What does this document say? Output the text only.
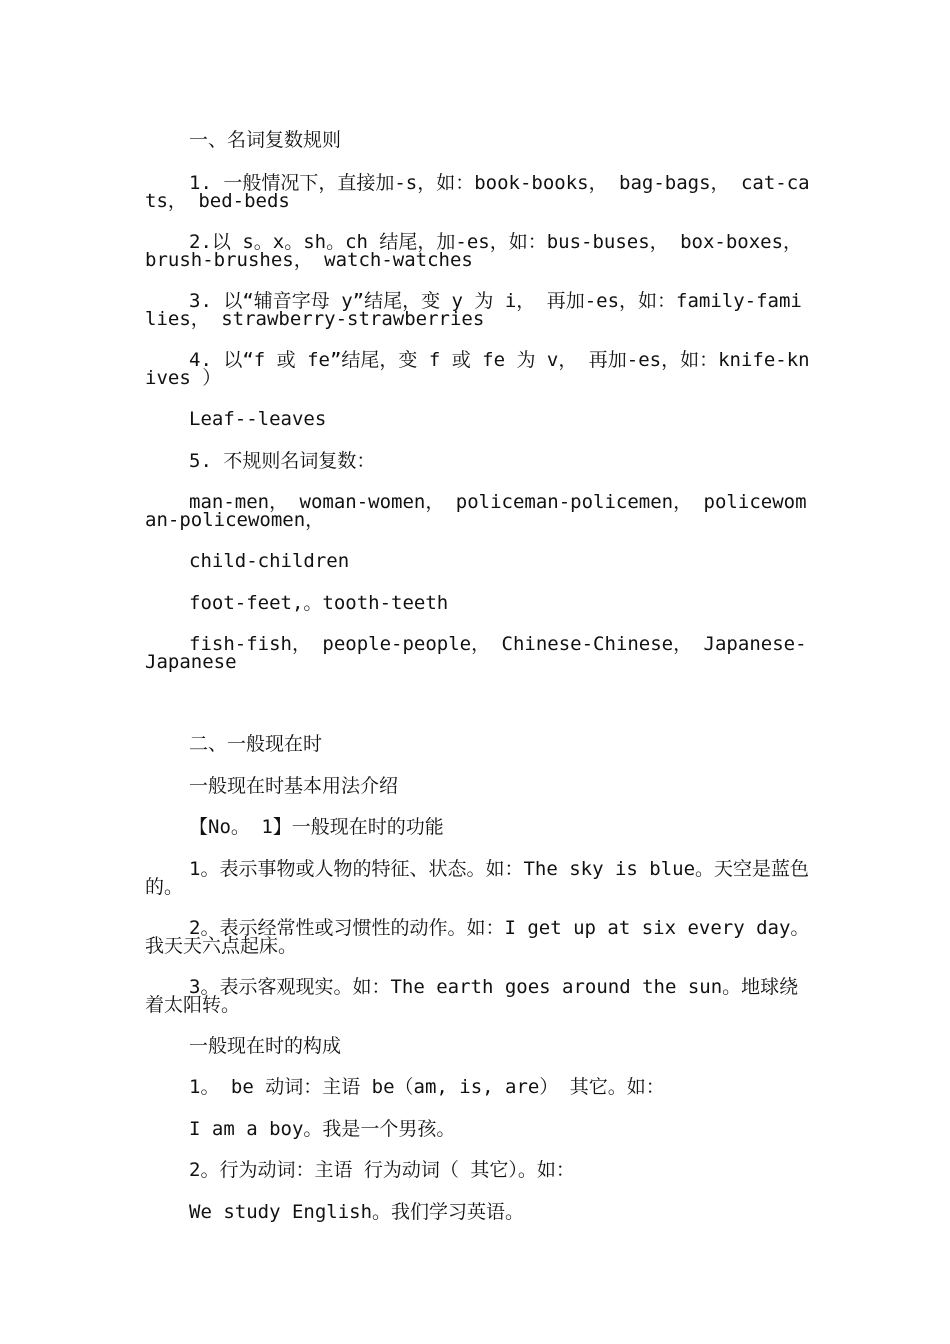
一、名词复数规则

1. 一般情况下，直接加-s，如：book-books， bag-bags， cat-cats， bed-beds

2.以 s。x。sh。ch 结尾，加-es，如：bus-buses， box-boxes， brush-brushes， watch-watches

3. 以“辅音字母 y”结尾，变 y 为 i， 再加-es，如：family-families， strawberry-strawberries

4. 以“f 或 fe”结尾，变 f 或 fe 为 v， 再加-es，如：knife-knives ）

Leaf--leaves

5. 不规则名词复数：

man-men， woman-women， policeman-policemen， policewoman-policewomen，

child-children

foot-feet,。tooth-teeth

fish-fish， people-people， Chinese-Chinese， Japanese-Japanese

二、一般现在时

一般现在时基本用法介绍

【No。 1】一般现在时的功能

1。表示事物或人物的特征、状态。如：The sky is blue。天空是蓝色的。

2。表示经常性或习惯性的动作。如：I get up at six every day。我天天六点起床。

3。表示客观现实。如：The earth goes around the sun。地球绕着太阳转。

一般现在时的构成

1。 be 动词：主语 be（am, is, are） 其它。如：

I am a boy。我是一个男孩。

2。行为动词：主语 行为动词（ 其它）。如：

We study English。我们学习英语。
